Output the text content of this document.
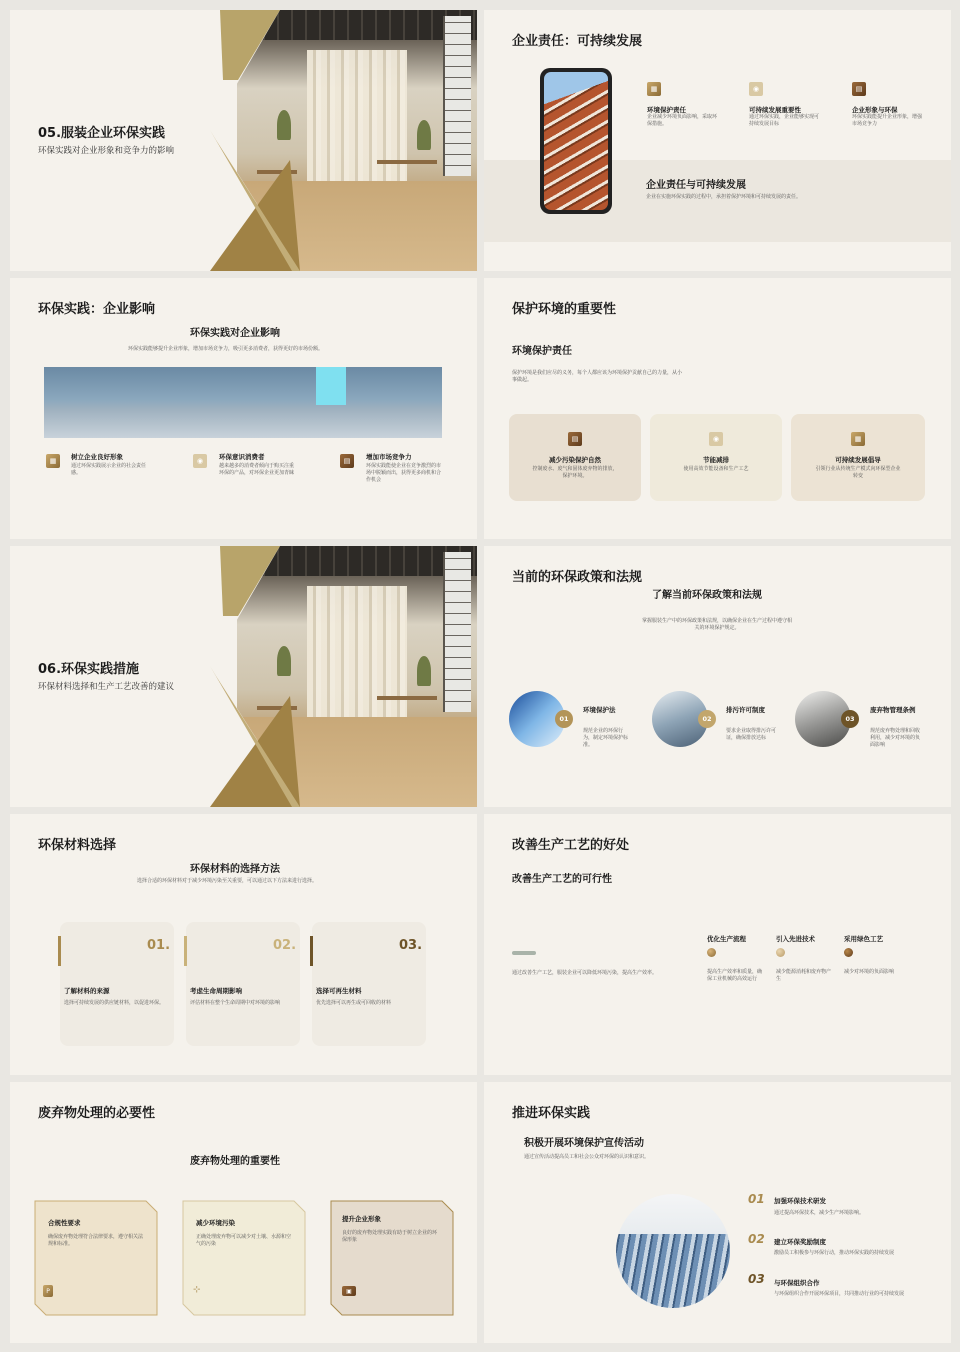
05.服装企业环保实践
环保实践对企业形象和竞争力的影响
企业责任：可持续发展
▦
环境保护责任
企业减少环境负面影响，采取环保措施。
◉
可持续发展重要性
通过环保实践，企业能够实现可持续发展目标
▤
企业形象与环保
环保实践能提升企业形象，增强市场竞争力
企业责任与可持续发展
企业在实施环保实践的过程中，承担着保护环境和可持续发展的责任。
环保实践：企业影响
环保实践对企业影响
环保实践能够提升企业形象，增加市场竞争力，吸引更多消费者，获得更好的市场份额。
▦	树立企业良好形象
通过环保实践展示企业的社会责任感。
◉	环保意识消费者
越来越多的消费者倾向于购买注重环保的产品，对环保企业更加青睐
▤	增加市场竞争力
环保实践能使企业在竞争激烈的市场中脱颖而出，获得更多商机和合作机会
保护环境的重要性
环境保护责任
保护环境是我们应尽的义务，每个人都应该为环境保护贡献自己的力量，从小事做起。
▤
减少污染保护自然
控制废水、废气和固体废弃物的排放，保护环境。
◉
节能减排
使用高效节能设备和生产工艺
▦
可持续发展倡导
引领行业从传统生产模式向环保型企业转变
06.环保实践措施
环保材料选择和生产工艺改善的建议
当前的环保政策和法规
了解当前环保政策和法规
掌握服装生产中的环保政策和法规，以确保企业在生产过程中遵守相关的环境保护规定。
01
环境保护法
规范企业的环保行为，制定环境保护标准。
02
排污许可制度
要求企业取得排污许可证，确保排放达标
03
废弃物管理条例
规范废弃物处理和回收利用，减少对环境的负面影响
环保材料选择
环保材料的选择方法
选择合适的环保材料对于减少环境污染至关重要，可以通过以下方法来进行选择。
01.
了解材料的来源
选择可持续发展的供应链材料，以促进环保。
02.
考虑生命周期影响
评估材料在整个生命周期中对环境的影响
03.
选择可再生材料
优先选择可以再生或可回收的材料
改善生产工艺的好处
改善生产工艺的可行性
通过改善生产工艺，服装企业可以降低环境污染，提高生产效率。
优化生产流程
提高生产效率和质量，确保工业机械的高效运行
引入先进技术
减少能源消耗和废弃物产生
采用绿色工艺
减少对环境的负面影响
废弃物处理的必要性
废弃物处理的重要性
合规性要求
确保废弃物处理符合法律要求，遵守相关法规和标准。
P
减少环境污染
正确处理废弃物可以减少对土壤、水源和空气的污染
⊹
提升企业形象
良好的废弃物处理实践有助于树立企业的环保形象
▣
推进环保实践
积极开展环境保护宣传活动
通过宣传活动提高员工和社会公众对环保的认识和意识。
01 加强环保技术研发
通过提高环保技术，减少生产环境影响。
02 建立环保奖励制度
激励员工积极参与环保行动，推动环保实践的持续发展
03 与环保组织合作
与环保组织合作开展环保项目，共同推动行业的可持续发展
